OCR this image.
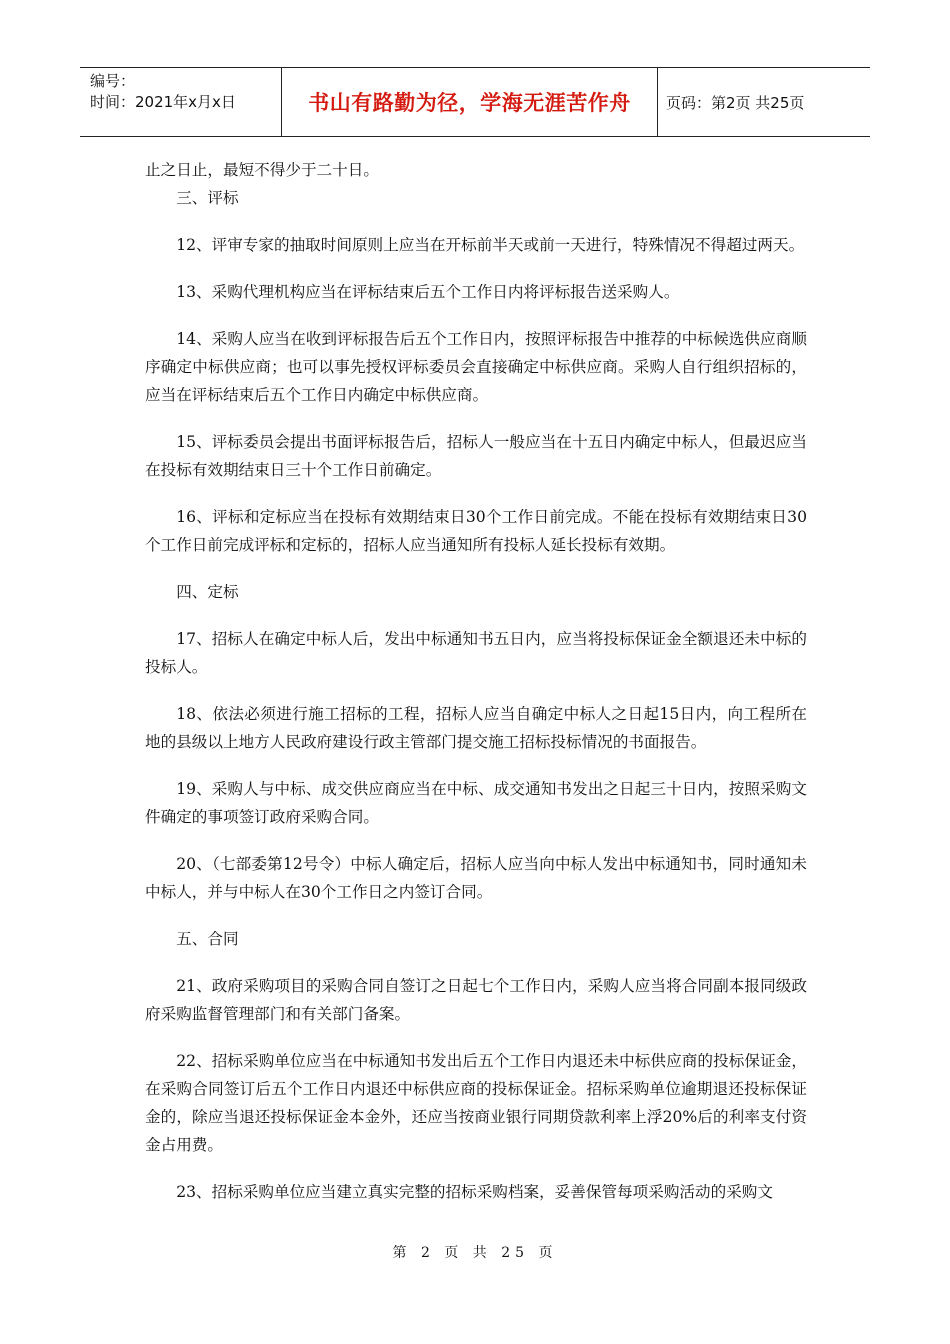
编号：
时间：2021年x月x日	书山有路勤为径，学海无涯苦作舟	页码：第2页 共25页

止之日止，最短不得少于二十日。

三、评标

12、评审专家的抽取时间原则上应当在开标前半天或前一天进行，特殊情况不得超过两天。

13、采购代理机构应当在评标结束后五个工作日内将评标报告送采购人。

14、采购人应当在收到评标报告后五个工作日内，按照评标报告中推荐的中标候选供应商顺序确定中标供应商；也可以事先授权评标委员会直接确定中标供应商。采购人自行组织招标的，应当在评标结束后五个工作日内确定中标供应商。

15、评标委员会提出书面评标报告后，招标人一般应当在十五日内确定中标人，但最迟应当在投标有效期结束日三十个工作日前确定。

16、评标和定标应当在投标有效期结束日30个工作日前完成。不能在投标有效期结束日30个工作日前完成评标和定标的，招标人应当通知所有投标人延长投标有效期。

四、定标

17、招标人在确定中标人后，发出中标通知书五日内，应当将投标保证金全额退还未中标的投标人。

18、依法必须进行施工招标的工程，招标人应当自确定中标人之日起15日内，向工程所在地的县级以上地方人民政府建设行政主管部门提交施工招标投标情况的书面报告。

19、采购人与中标、成交供应商应当在中标、成交通知书发出之日起三十日内，按照采购文件确定的事项签订政府采购合同。

20、（七部委第12号令）中标人确定后，招标人应当向中标人发出中标通知书，同时通知未中标人，并与中标人在30个工作日之内签订合同。

五、合同

21、政府采购项目的采购合同自签订之日起七个工作日内，采购人应当将合同副本报同级政府采购监督管理部门和有关部门备案。

22、招标采购单位应当在中标通知书发出后五个工作日内退还未中标供应商的投标保证金，在采购合同签订后五个工作日内退还中标供应商的投标保证金。招标采购单位逾期退还投标保证金的，除应当退还投标保证金本金外，还应当按商业银行同期贷款利率上浮20%后的利率支付资金占用费。

23、招标采购单位应当建立真实完整的招标采购档案，妥善保管每项采购活动的采购文

第 2 页 共 25 页
